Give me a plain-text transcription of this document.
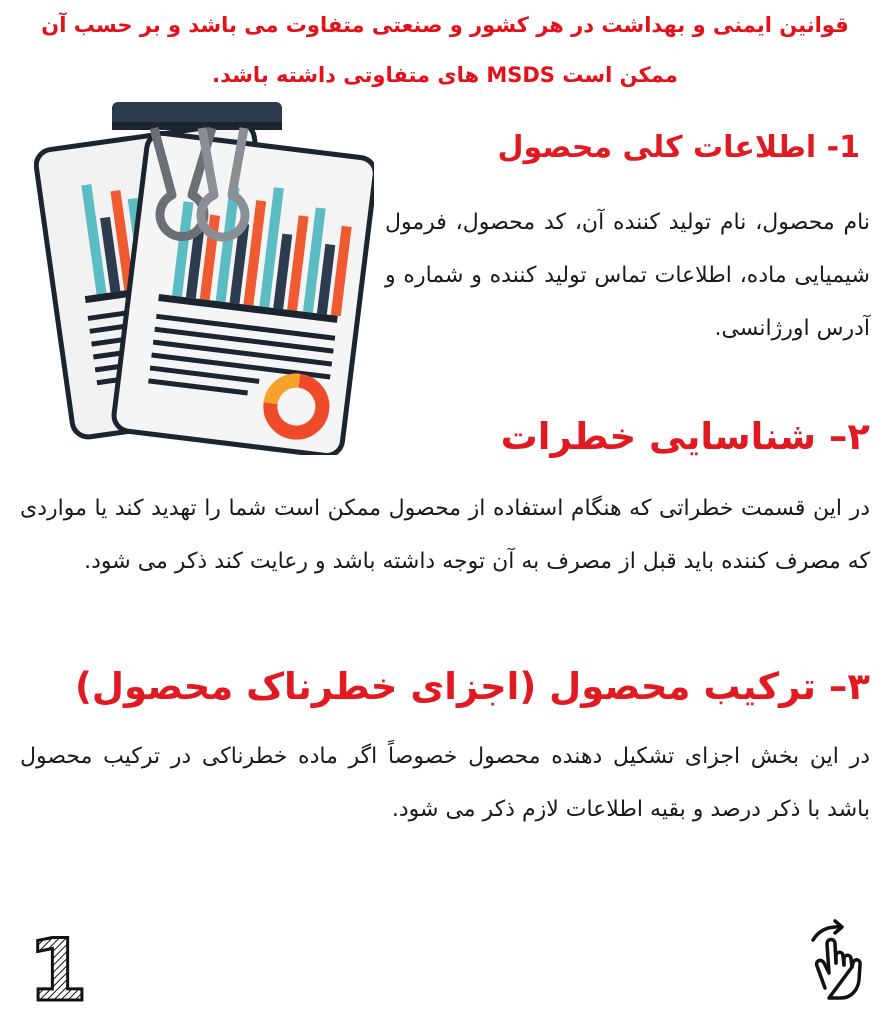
قوانین ایمنی و بهداشت در هر کشور و صنعتی متفاوت می باشد و بر حسب آن ممکن است MSDS های متفاوتی داشته باشد.
1- اطلاعات کلی محصول

نام محصول، نام تولید کننده آن، کد محصول، فرمول شیمیایی ماده، اطلاعات تماس تولید کننده و شماره و آدرس اورژانسی.

۲– شناسایی خطرات

در این قسمت خطراتی که هنگام استفاده از محصول ممکن است شما را تهدید کند یا مواردی که مصرف کننده باید قبل از مصرف به آن توجه داشته باشد و رعایت کند ذکر می شود.

۳– ترکیب محصول (اجزای خطرناک محصول)

در این بخش اجزای تشکیل دهنده محصول خصوصاً اگر ماده خطرناکی در ترکیب محصول باشد با ذکر درصد و بقیه اطلاعات لازم ذکر می شود.

1
